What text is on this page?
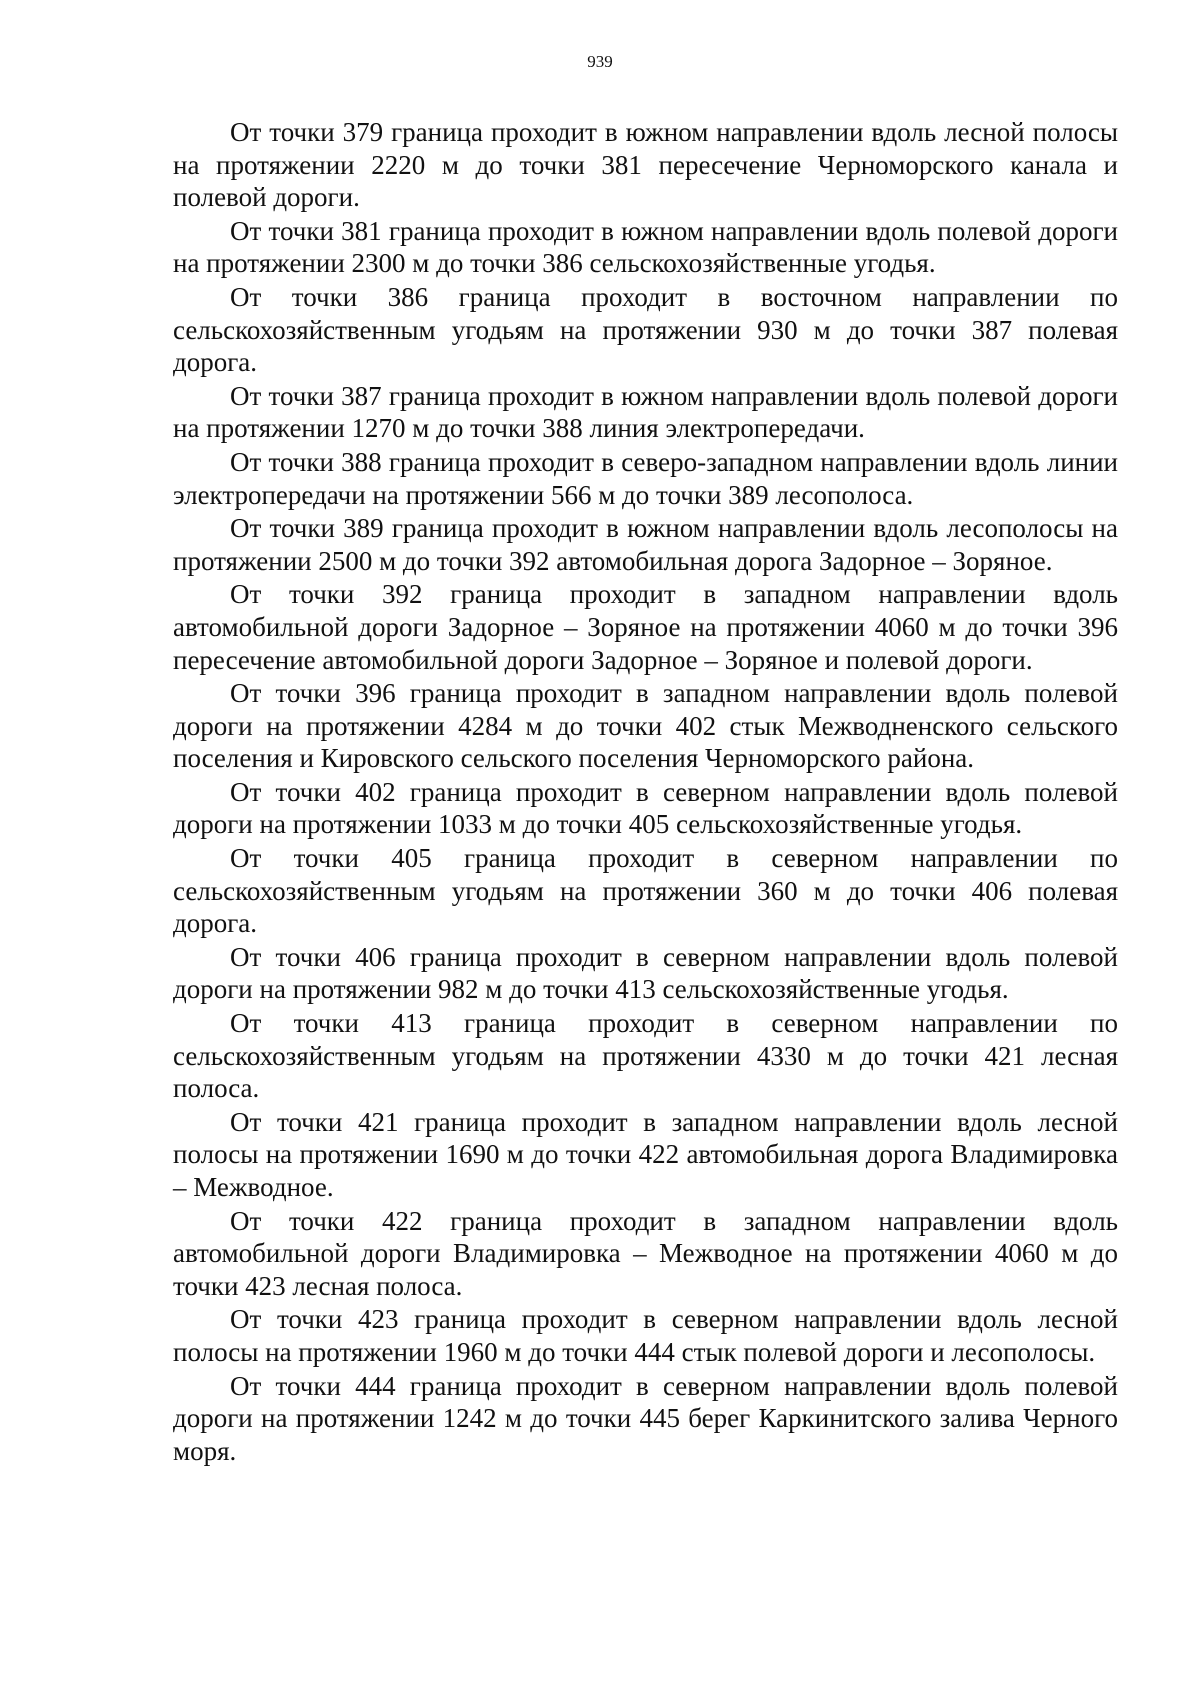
939

От точки 379 граница проходит в южном направлении вдоль лесной полосы на протяжении 2220 м до точки 381 пересечение Черноморского канала и полевой дороги.

От точки 381 граница проходит в южном направлении вдоль полевой дороги на протяжении 2300 м до точки 386 сельскохозяйственные угодья.

От точки 386 граница проходит в восточном направлении по сельскохозяйственным угодьям на протяжении 930 м до точки 387 полевая дорога.

От точки 387 граница проходит в южном направлении вдоль полевой дороги на протяжении 1270 м до точки 388 линия электропередачи.

От точки 388 граница проходит в северо-западном направлении вдоль линии электропередачи на протяжении 566 м до точки 389 лесополоса.

От точки 389 граница проходит в южном направлении вдоль лесополосы на протяжении 2500 м до точки 392 автомобильная дорога Задорное – Зоряное.

От точки 392 граница проходит в западном направлении вдоль автомобильной дороги Задорное – Зоряное на протяжении 4060 м до точки 396 пересечение автомобильной дороги Задорное – Зоряное и полевой дороги.

От точки 396 граница проходит в западном направлении вдоль полевой дороги на протяжении 4284 м до точки 402 стык Межводненского сельского поселения и Кировского сельского поселения Черноморского района.

От точки 402 граница проходит в северном направлении вдоль полевой дороги на протяжении 1033 м до точки 405 сельскохозяйственные угодья.

От точки 405 граница проходит в северном направлении по сельскохозяйственным угодьям на протяжении 360 м до точки 406 полевая дорога.

От точки 406 граница проходит в северном направлении вдоль полевой дороги на протяжении 982 м до точки 413 сельскохозяйственные угодья.

От точки 413 граница проходит в северном направлении по сельскохозяйственным угодьям на протяжении 4330 м до точки 421 лесная полоса.

От точки 421 граница проходит в западном направлении вдоль лесной полосы на протяжении 1690 м до точки 422 автомобильная дорога Владимировка – Межводное.

От точки 422 граница проходит в западном направлении вдоль автомобильной дороги Владимировка – Межводное на протяжении 4060 м до точки 423 лесная полоса.

От точки 423 граница проходит в северном направлении вдоль лесной полосы на протяжении 1960 м до точки 444 стык полевой дороги и лесополосы.

От точки 444 граница проходит в северном направлении вдоль полевой дороги на протяжении 1242 м до точки 445 берег Каркинитского залива Черного моря.
